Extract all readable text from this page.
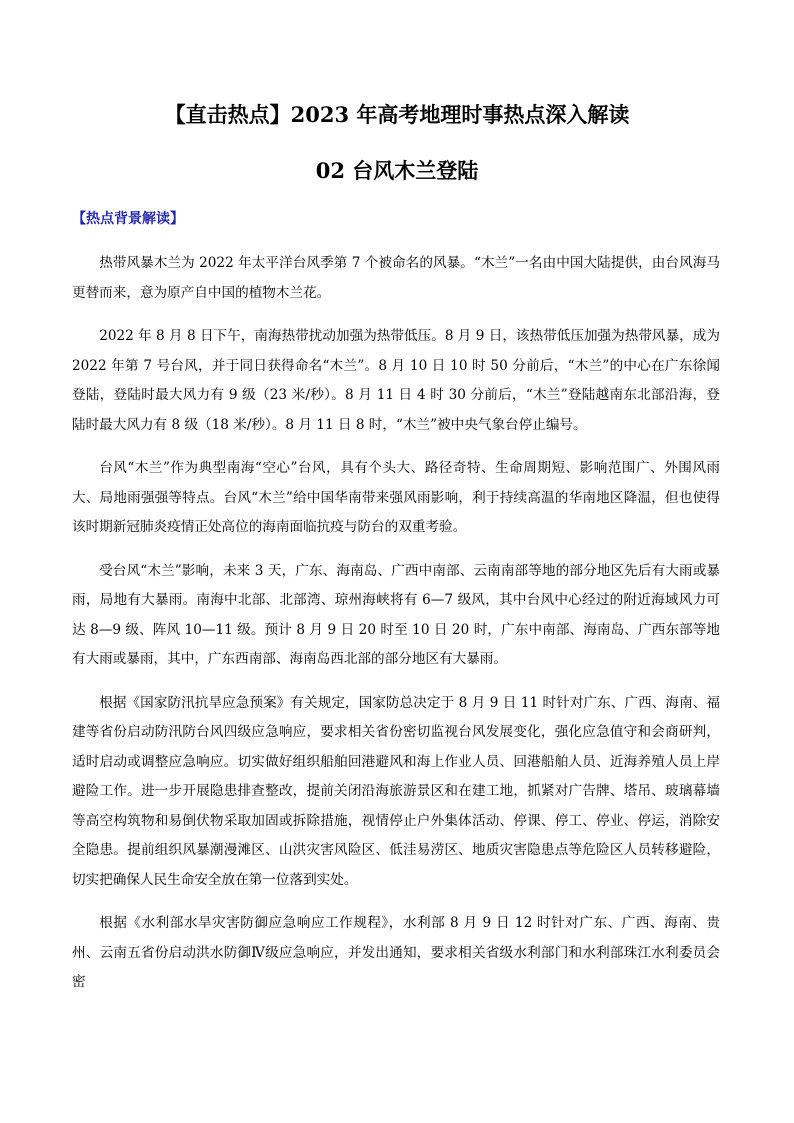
【直击热点】2023 年高考地理时事热点深入解读
02 台风木兰登陆
【热点背景解读】

热带风暴木兰为 2022 年太平洋台风季第 7 个被命名的风暴。“木兰”一名由中国大陆提供，由台风海马更替而来，意为原产自中国的植物木兰花。

2022 年 8 月 8 日下午，南海热带扰动加强为热带低压。8 月 9 日，该热带低压加强为热带风暴，成为 2022 年第 7 号台风，并于同日获得命名“木兰”。8 月 10 日 10 时 50 分前后，“木兰”的中心在广东徐闻登陆，登陆时最大风力有 9 级（23 米/秒）。8 月 11 日 4 时 30 分前后，“木兰”登陆越南东北部沿海，登陆时最大风力有 8 级（18 米/秒）。8 月 11 日 8 时，“木兰”被中央气象台停止编号。

台风“木兰”作为典型南海“空心”台风，具有个头大、路径奇特、生命周期短、影响范围广、外围风雨大、局地雨强强等特点。台风“木兰”给中国华南带来强风雨影响，利于持续高温的华南地区降温，但也使得该时期新冠肺炎疫情正处高位的海南面临抗疫与防台的双重考验。

受台风“木兰”影响，未来 3 天，广东、海南岛、广西中南部、云南南部等地的部分地区先后有大雨或暴雨，局地有大暴雨。南海中北部、北部湾、琼州海峡将有 6—7 级风，其中台风中心经过的附近海域风力可达 8—9 级、阵风 10—11 级。预计 8 月 9 日 20 时至 10 日 20 时，广东中南部、海南岛、广西东部等地有大雨或暴雨，其中，广东西南部、海南岛西北部的部分地区有大暴雨。

根据《国家防汛抗旱应急预案》有关规定，国家防总决定于 8 月 9 日 11 时针对广东、广西、海南、福建等省份启动防汛防台风四级应急响应，要求相关省份密切监视台风发展变化，强化应急值守和会商研判，适时启动或调整应急响应。切实做好组织船舶回港避风和海上作业人员、回港船舶人员、近海养殖人员上岸避险工作。进一步开展隐患排查整改，提前关闭沿海旅游景区和在建工地，抓紧对广告牌、塔吊、玻璃幕墙等高空构筑物和易倒伏物采取加固或拆除措施，视情停止户外集体活动、停课、停工、停业、停运，消除安全隐患。提前组织风暴潮漫滩区、山洪灾害风险区、低洼易涝区、地质灾害隐患点等危险区人员转移避险，切实把确保人民生命安全放在第一位落到实处。

根据《水利部水旱灾害防御应急响应工作规程》，水利部 8 月 9 日 12 时针对广东、广西、海南、贵州、云南五省份启动洪水防御Ⅳ级应急响应，并发出通知，要求相关省级水利部门和水利部珠江水利委员会密
